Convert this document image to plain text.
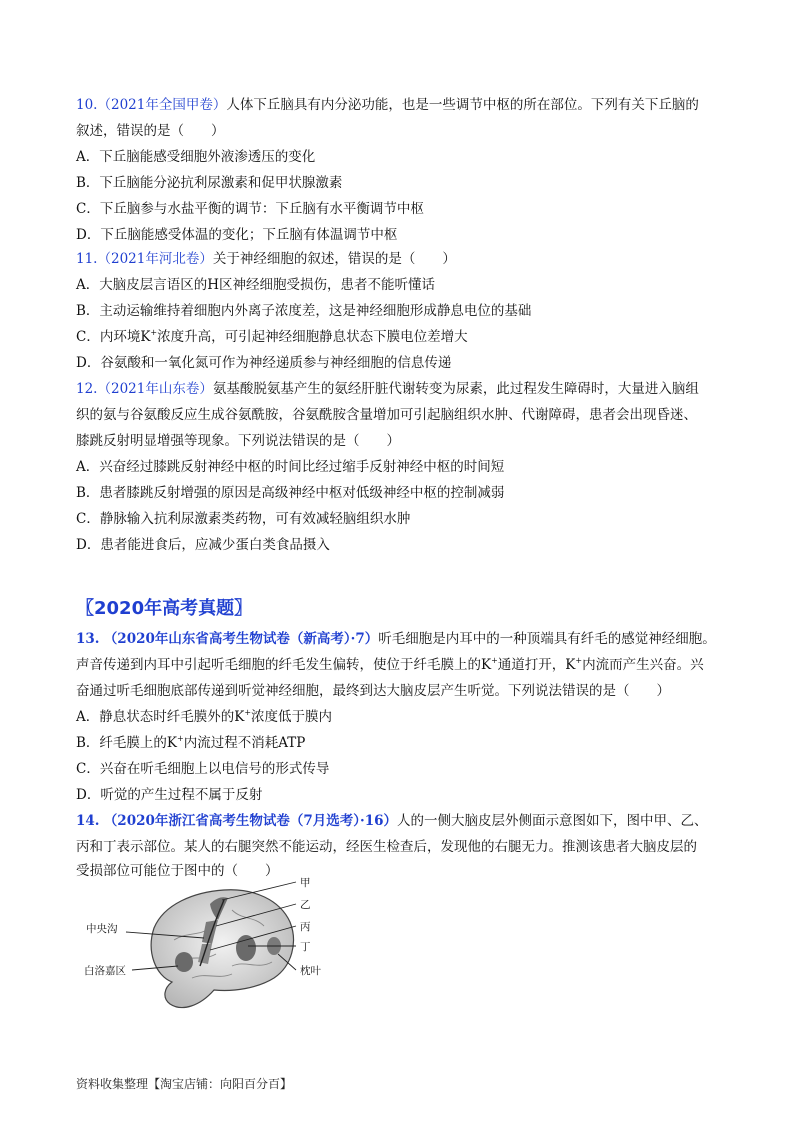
10.（2021年全国甲卷）人体下丘脑具有内分泌功能，也是一些调节中枢的所在部位。下列有关下丘脑的
叙述，错误的是（　　）
A．下丘脑能感受细胞外液渗透压的变化
B．下丘脑能分泌抗利尿激素和促甲状腺激素
C．下丘脑参与水盐平衡的调节：下丘脑有水平衡调节中枢
D．下丘脑能感受体温的变化；下丘脑有体温调节中枢
11.（2021年河北卷）关于神经细胞的叙述，错误的是（　　）
A．大脑皮层言语区的H区神经细胞受损伤，患者不能听懂话
B．主动运输维持着细胞内外离子浓度差，这是神经细胞形成静息电位的基础
C．内环境K+浓度升高，可引起神经细胞静息状态下膜电位差增大
D．谷氨酸和一氧化氮可作为神经递质参与神经细胞的信息传递
12.（2021年山东卷）氨基酸脱氨基产生的氨经肝脏代谢转变为尿素，此过程发生障碍时，大量进入脑组
织的氨与谷氨酸反应生成谷氨酰胺，谷氨酰胺含量增加可引起脑组织水肿、代谢障碍，患者会出现昏迷、
膝跳反射明显增强等现象。下列说法错误的是（　　）
A．兴奋经过膝跳反射神经中枢的时间比经过缩手反射神经中枢的时间短
B．患者膝跳反射增强的原因是高级神经中枢对低级神经中枢的控制减弱
C．静脉输入抗利尿激素类药物，可有效减轻脑组织水肿
D．患者能进食后，应减少蛋白类食品摄入
〖2020年高考真题〗
13. （2020年山东省高考生物试卷（新高考）·7）听毛细胞是内耳中的一种顶端具有纤毛的感觉神经细胞。
声音传递到内耳中引起听毛细胞的纤毛发生偏转，使位于纤毛膜上的K+通道打开，K+内流而产生兴奋。兴
奋通过听毛细胞底部传递到听觉神经细胞，最终到达大脑皮层产生听觉。下列说法错误的是（　　）
A．静息状态时纤毛膜外的K+浓度低于膜内
B．纤毛膜上的K+内流过程不消耗ATP
C．兴奋在听毛细胞上以电信号的形式传导
D．听觉的产生过程不属于反射
14. （2020年浙江省高考生物试卷（7月选考）·16）人的一侧大脑皮层外侧面示意图如下，图中甲、乙、
丙和丁表示部位。某人的右腿突然不能运动，经医生检查后，发现他的右腿无力。推测该患者大脑皮层的
受损部位可能位于图中的（　　）
甲
乙
丙
丁
枕叶
中央沟
白洛嘉区
资料收集整理【淘宝店铺：向阳百分百】
